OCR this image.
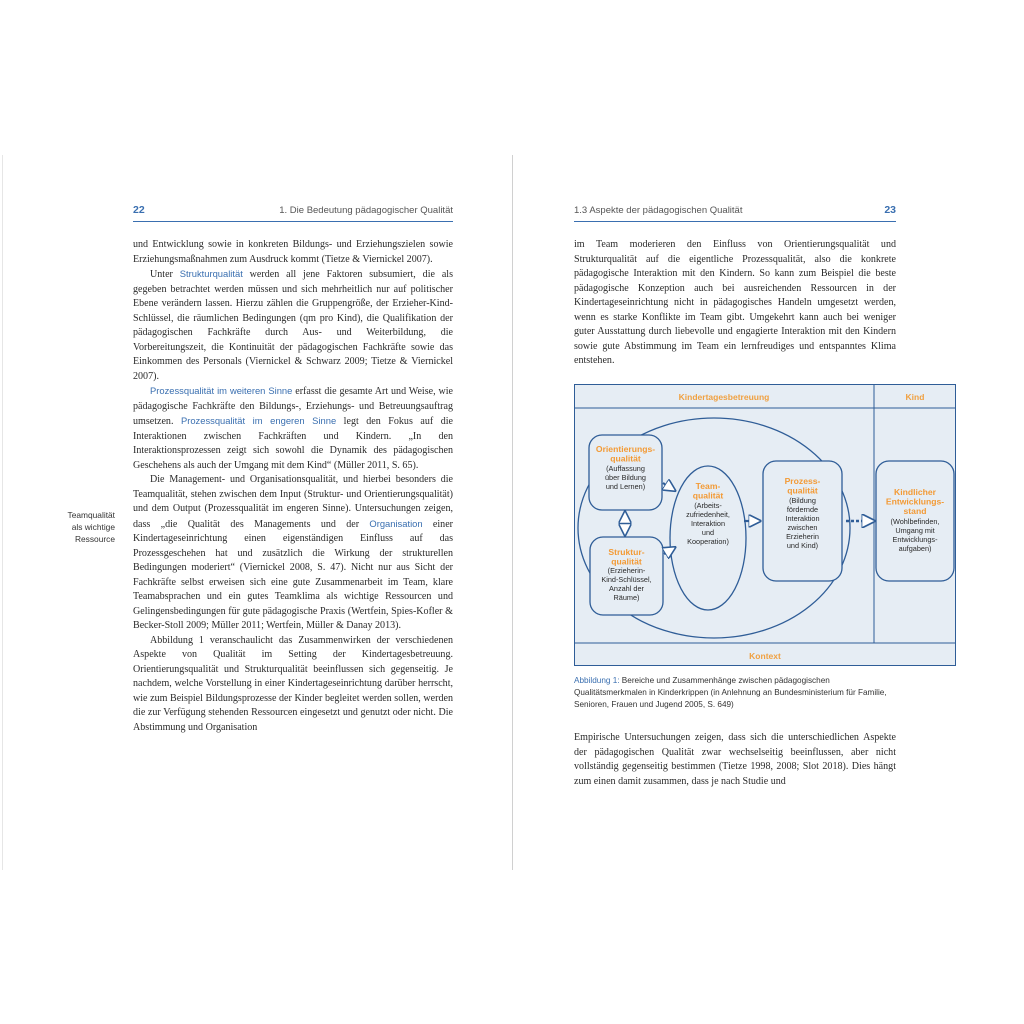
22	1. Die Bedeutung pädagogischer Qualität

und Entwicklung sowie in konkreten Bildungs- und Erziehungszielen sowie Erziehungsmaßnahmen zum Ausdruck kommt (Tietze & Viernickel 2007).

Unter Strukturqualität werden all jene Faktoren subsumiert, die als gegeben betrachtet werden müssen und sich mehrheitlich nur auf politischer Ebene verändern lassen. Hierzu zählen die Gruppengröße, der Erzieher-Kind-Schlüssel, die räumlichen Bedingungen (qm pro Kind), die Qualifikation der pädagogischen Fachkräfte durch Aus- und Weiterbildung, die Vorbereitungszeit, die Kontinuität der pädagogischen Fachkräfte sowie das Einkommen des Personals (Viernickel & Schwarz 2009; Tietze & Viernickel 2007).

Prozessqualität im weiteren Sinne erfasst die gesamte Art und Weise, wie pädagogische Fachkräfte den Bildungs-, Erziehungs- und Betreuungsauftrag umsetzen. Prozessqualität im engeren Sinne legt den Fokus auf die Interaktionen zwischen Fachkräften und Kindern. „In den Interaktionsprozessen zeigt sich sowohl die Dynamik des pädagogischen Geschehens als auch der Umgang mit dem Kind“ (Müller 2011, S. 65).

Die Management- und Organisationsqualität, und hierbei besonders die Teamqualität, stehen zwischen dem Input (Struktur- und Orientierungsqualität) und dem Output (Prozessqualität im engeren Sinne). Untersuchungen zeigen, dass „die Qualität des Managements und der Organisation einer Kindertageseinrichtung einen eigenständigen Einfluss auf das Prozessgeschehen hat und zusätzlich die Wirkung der strukturellen Bedingungen moderiert“ (Viernickel 2008, S. 47). Nicht nur aus Sicht der Fachkräfte selbst erweisen sich eine gute Zusammenarbeit im Team, klare Teamabsprachen und ein gutes Teamklima als wichtige Ressourcen und Gelingensbedingungen für gute pädagogische Praxis (Wertfein, Spies-Kofler & Becker-Stoll 2009; Müller 2011; Wertfein, Müller & Danay 2013).

Abbildung 1 veranschaulicht das Zusammenwirken der verschiedenen Aspekte von Qualität im Setting der Kindertagesbetreuung. Orientierungsqualität und Strukturqualität beeinflussen sich gegenseitig. Je nachdem, welche Vorstellung in einer Kindertageseinrichtung darüber herrscht, wie zum Beispiel Bildungsprozesse der Kinder begleitet werden sollen, werden die zur Verfügung stehenden Ressourcen eingesetzt und genutzt oder nicht. Die Abstimmung und Organisation

Teamqualität
als wichtige
Ressource
1.3 Aspekte der pädagogischen Qualität	23

im Team moderieren den Einfluss von Orientierungsqualität und Strukturqualität auf die eigentliche Prozessqualität, also die konkrete pädagogische Interaktion mit den Kindern. So kann zum Beispiel die beste pädagogische Konzeption auch bei ausreichenden Ressourcen in der Kindertageseinrichtung nicht in pädagogisches Handeln umgesetzt werden, wenn es starke Konflikte im Team gibt. Umgekehrt kann auch bei weniger guter Ausstattung durch liebevolle und engagierte Interaktion mit den Kindern sowie gute Abstimmung im Team ein lernfreudiges und entspanntes Klima entstehen.

Kindertagesbetreuung	Kind
Kontext
Orientierungs-
qualität
(Auffassung
über Bildung
und Lernen)
Struktur-
qualität
(Erzieherin-
Kind-Schlüssel,
Anzahl der
Räume)
Team-
qualität
(Arbeits-
zufriedenheit,
Interaktion
und
Kooperation)
Prozess-
qualität
(Bildung
fördernde
Interaktion
zwischen
Erzieherin
und Kind)
Kindlicher
Entwicklungs-
stand
(Wohlbefinden,
Umgang mit
Entwicklungs-
aufgaben)
Abbildung 1: Bereiche und Zusammenhänge zwischen pädagogischen Qualitätsmerkmalen in Kinderkrippen (in Anlehnung an Bundesministerium für Familie, Senioren, Frauen und Jugend 2005, S. 649)

Empirische Untersuchungen zeigen, dass sich die unterschiedlichen Aspekte der pädagogischen Qualität zwar wechselseitig beeinflussen, aber nicht vollständig gegenseitig bestimmen (Tietze 1998, 2008; Slot 2018). Dies hängt zum einen damit zusammen, dass je nach Studie und
